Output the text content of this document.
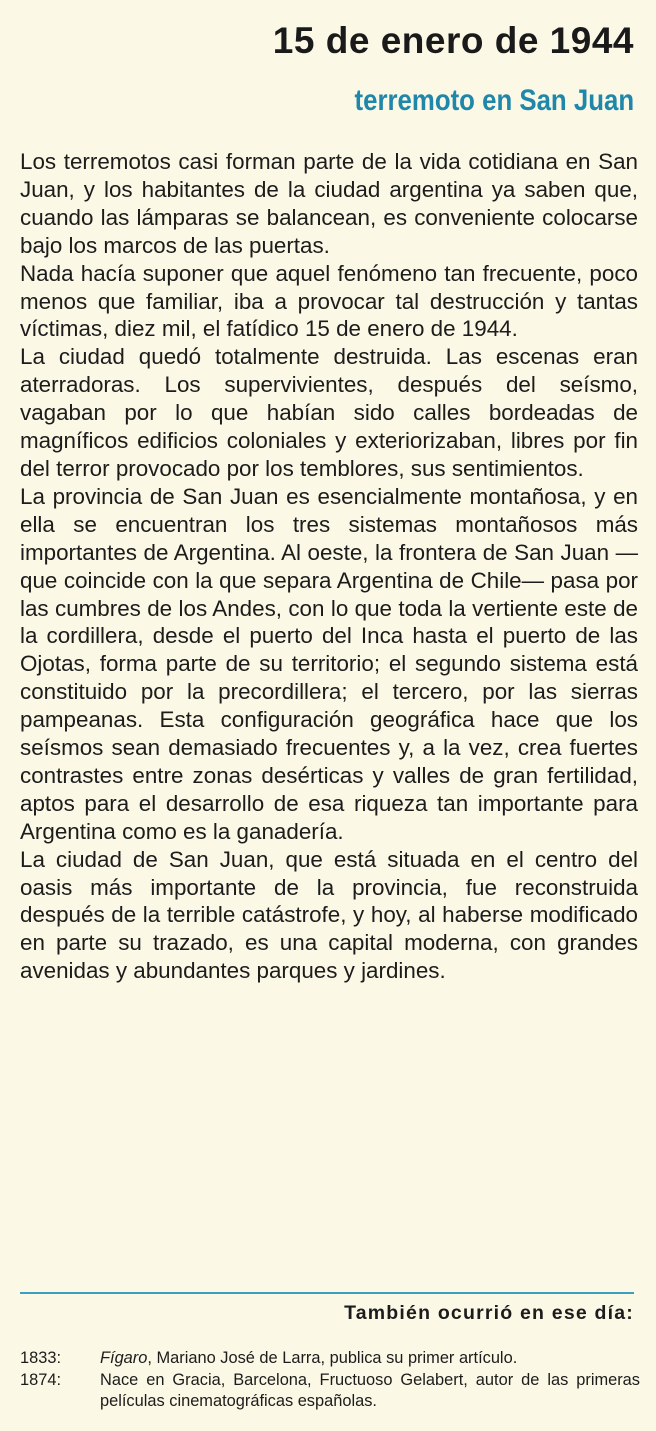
15 de enero de 1944
terremoto en San Juan

Los terremotos casi forman parte de la vida cotidiana en San Juan, y los habitantes de la ciudad argentina ya saben que, cuando las lámparas se balancean, es conveniente colocarse bajo los marcos de las puertas.

Nada hacía suponer que aquel fenómeno tan frecuente, poco menos que familiar, iba a provocar tal destrucción y tantas víctimas, diez mil, el fatídico 15 de enero de 1944.

La ciudad quedó totalmente destruida. Las escenas eran aterradoras. Los supervivientes, después del seísmo, vagaban por lo que habían sido calles bordeadas de magníficos edificios coloniales y exteriorizaban, libres por fin del terror provocado por los temblores, sus sentimientos.

La provincia de San Juan es esencialmente montañosa, y en ella se encuentran los tres sistemas montañosos más importantes de Argentina. Al oeste, la frontera de San Juan —que coincide con la que separa Argentina de Chile— pasa por las cumbres de los Andes, con lo que toda la vertiente este de la cordillera, desde el puerto del Inca hasta el puerto de las Ojotas, forma parte de su territorio; el segundo sistema está constituido por la precordillera; el tercero, por las sierras pampeanas. Esta configuración geográfica hace que los seísmos sean demasiado frecuentes y, a la vez, crea fuertes contrastes entre zonas desérticas y valles de gran fertilidad, aptos para el desarrollo de esa riqueza tan importante para Argentina como es la ganadería.

La ciudad de San Juan, que está situada en el centro del oasis más importante de la provincia, fue reconstruida después de la terrible catástrofe, y hoy, al haberse modificado en parte su trazado, es una capital moderna, con grandes avenidas y abundantes parques y jardines.

También ocurrió en ese día:
1833:	Fígaro, Mariano José de Larra, publica su primer artículo.
1874:	Nace en Gracia, Barcelona, Fructuoso Gelabert, autor de las primeras películas cinematográficas españolas.
